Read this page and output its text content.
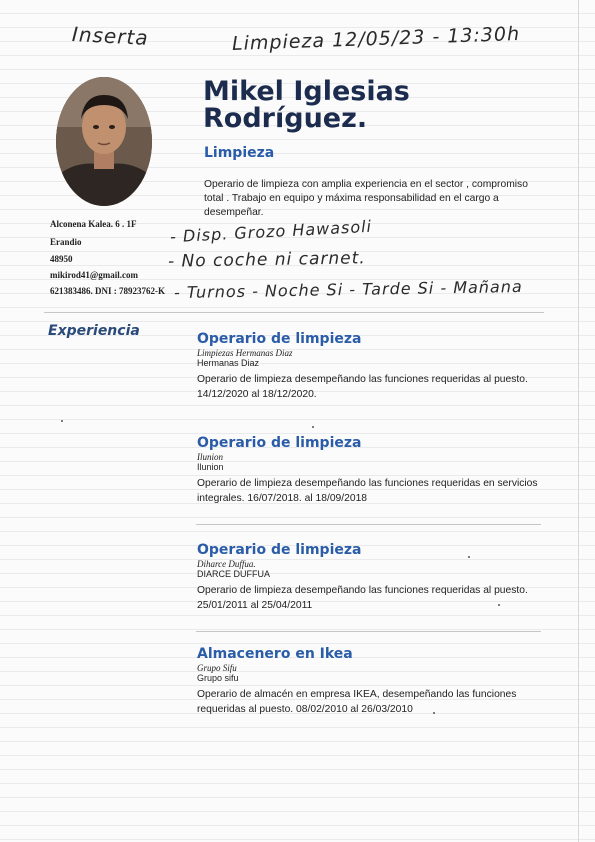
Inserta	Limpieza 12/05/23 - 13:30h
- Disp. Grozo Hawasoli
- No coche ni carnet.
- Turnos - Noche Si - Tarde Si - Mañana
Mikel Iglesias
Rodríguez.
Limpieza
Operario de limpieza con amplia experiencia en el sector , compromiso total . Trabajo en equipo y máxima responsabilidad en el cargo a desempeñar.
Alconena Kalea. 6 . 1F
Erandio
48950
mikirod41@gmail.com
621383486. DNI : 78923762-K
Experiencia	Operario de limpieza
Limpiezas Hermanas Diaz
Hermanas Diaz
Operario de limpieza desempeñando las funciones requeridas al puesto. 14/12/2020 al 18/12/2020.
Operario de limpieza
Ilunion
Ilunion
Operario de limpieza desempeñando las funciones requeridas en servicios integrales. 16/07/2018. al 18/09/2018
Operario de limpieza
Diharce Duffua.
DIARCE DUFFUA
Operario de limpieza desempeñando las funciones requeridas al puesto. 25/01/2011 al 25/04/2011
Almacenero en Ikea
Grupo Sifu
Grupo sifu
Operario de almacén en empresa IKEA, desempeñando las funciones requeridas al puesto. 08/02/2010 al 26/03/2010
